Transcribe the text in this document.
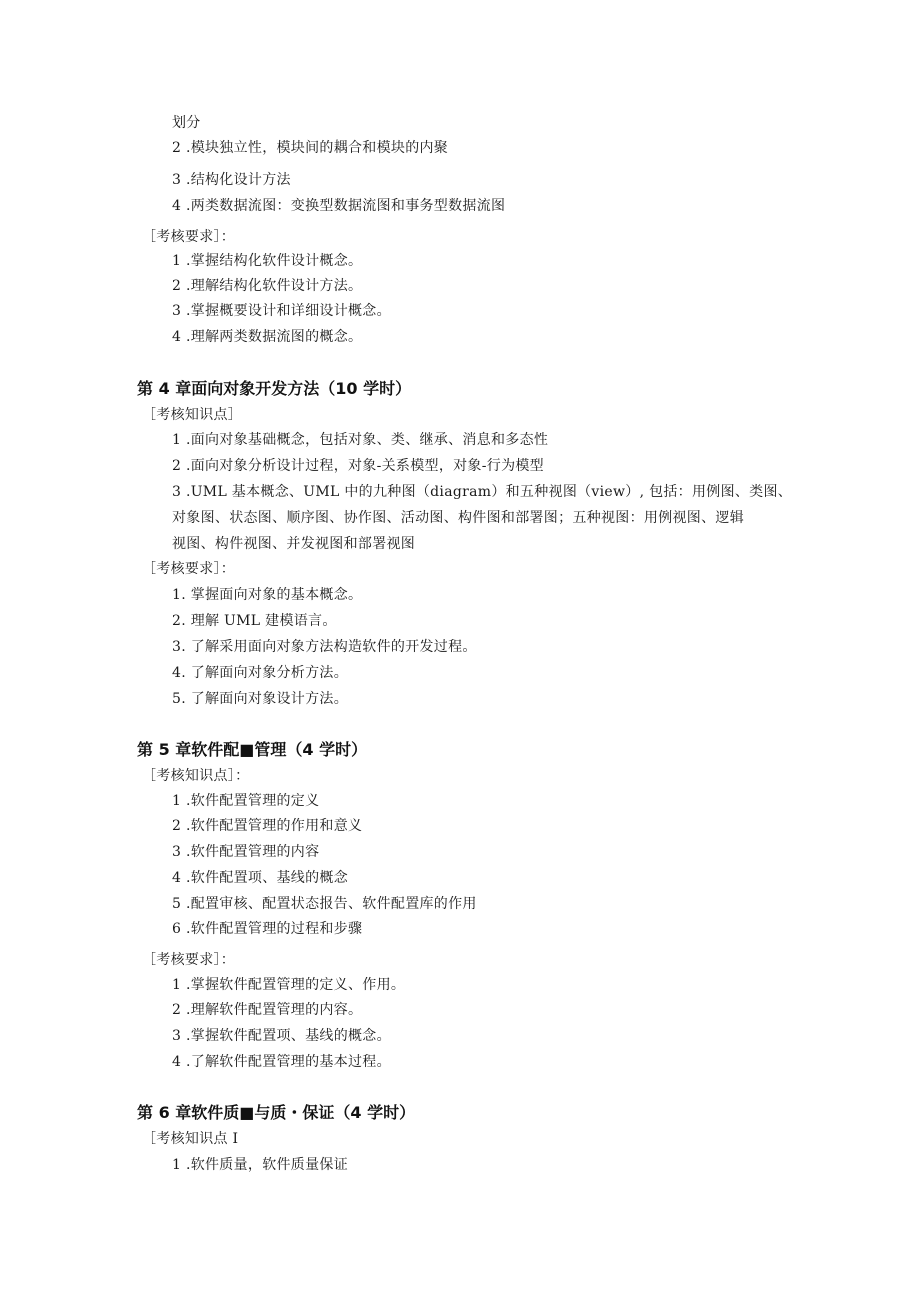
划分
2 .模块独立性，模块间的耦合和模块的内聚
3 .结构化设计方法
4 .两类数据流图：变换型数据流图和事务型数据流图
［考核要求］：
1 .掌握结构化软件设计概念。
2 .理解结构化软件设计方法。
3 .掌握概要设计和详细设计概念。
4 .理解两类数据流图的概念。
第 4 章面向对象开发方法（10 学时）
［考核知识点］
1 .面向对象基础概念，包括对象、类、继承、消息和多态性
2 .面向对象分析设计过程，对象-关系模型，对象-行为模型
3 .UML 基本概念、UML 中的九种图（diagram）和五种视图（view）, 包括：用例图、类图、
对象图、状态图、顺序图、协作图、活动图、构件图和部署图；五种视图：用例视图、逻辑
视图、构件视图、并发视图和部署视图
［考核要求］：
1. 掌握面向对象的基本概念。
2. 理解 UML 建模语言。
3. 了解采用面向对象方法构造软件的开发过程。
4. 了解面向对象分析方法。
5. 了解面向对象设计方法。
第 5 章软件配■管理（4 学时）
［考核知识点］：
1 .软件配置管理的定义
2 .软件配置管理的作用和意义
3 .软件配置管理的内容
4 .软件配置项、基线的概念
5 .配置审核、配置状态报告、软件配置库的作用
6 .软件配置管理的过程和步骤
［考核要求］：
1 .掌握软件配置管理的定义、作用。
2 .理解软件配置管理的内容。
3 .掌握软件配置项、基线的概念。
4 .了解软件配置管理的基本过程。
第 6 章软件质■与质・保证（4 学时）
［考核知识点 I
1 .软件质量，软件质量保证
